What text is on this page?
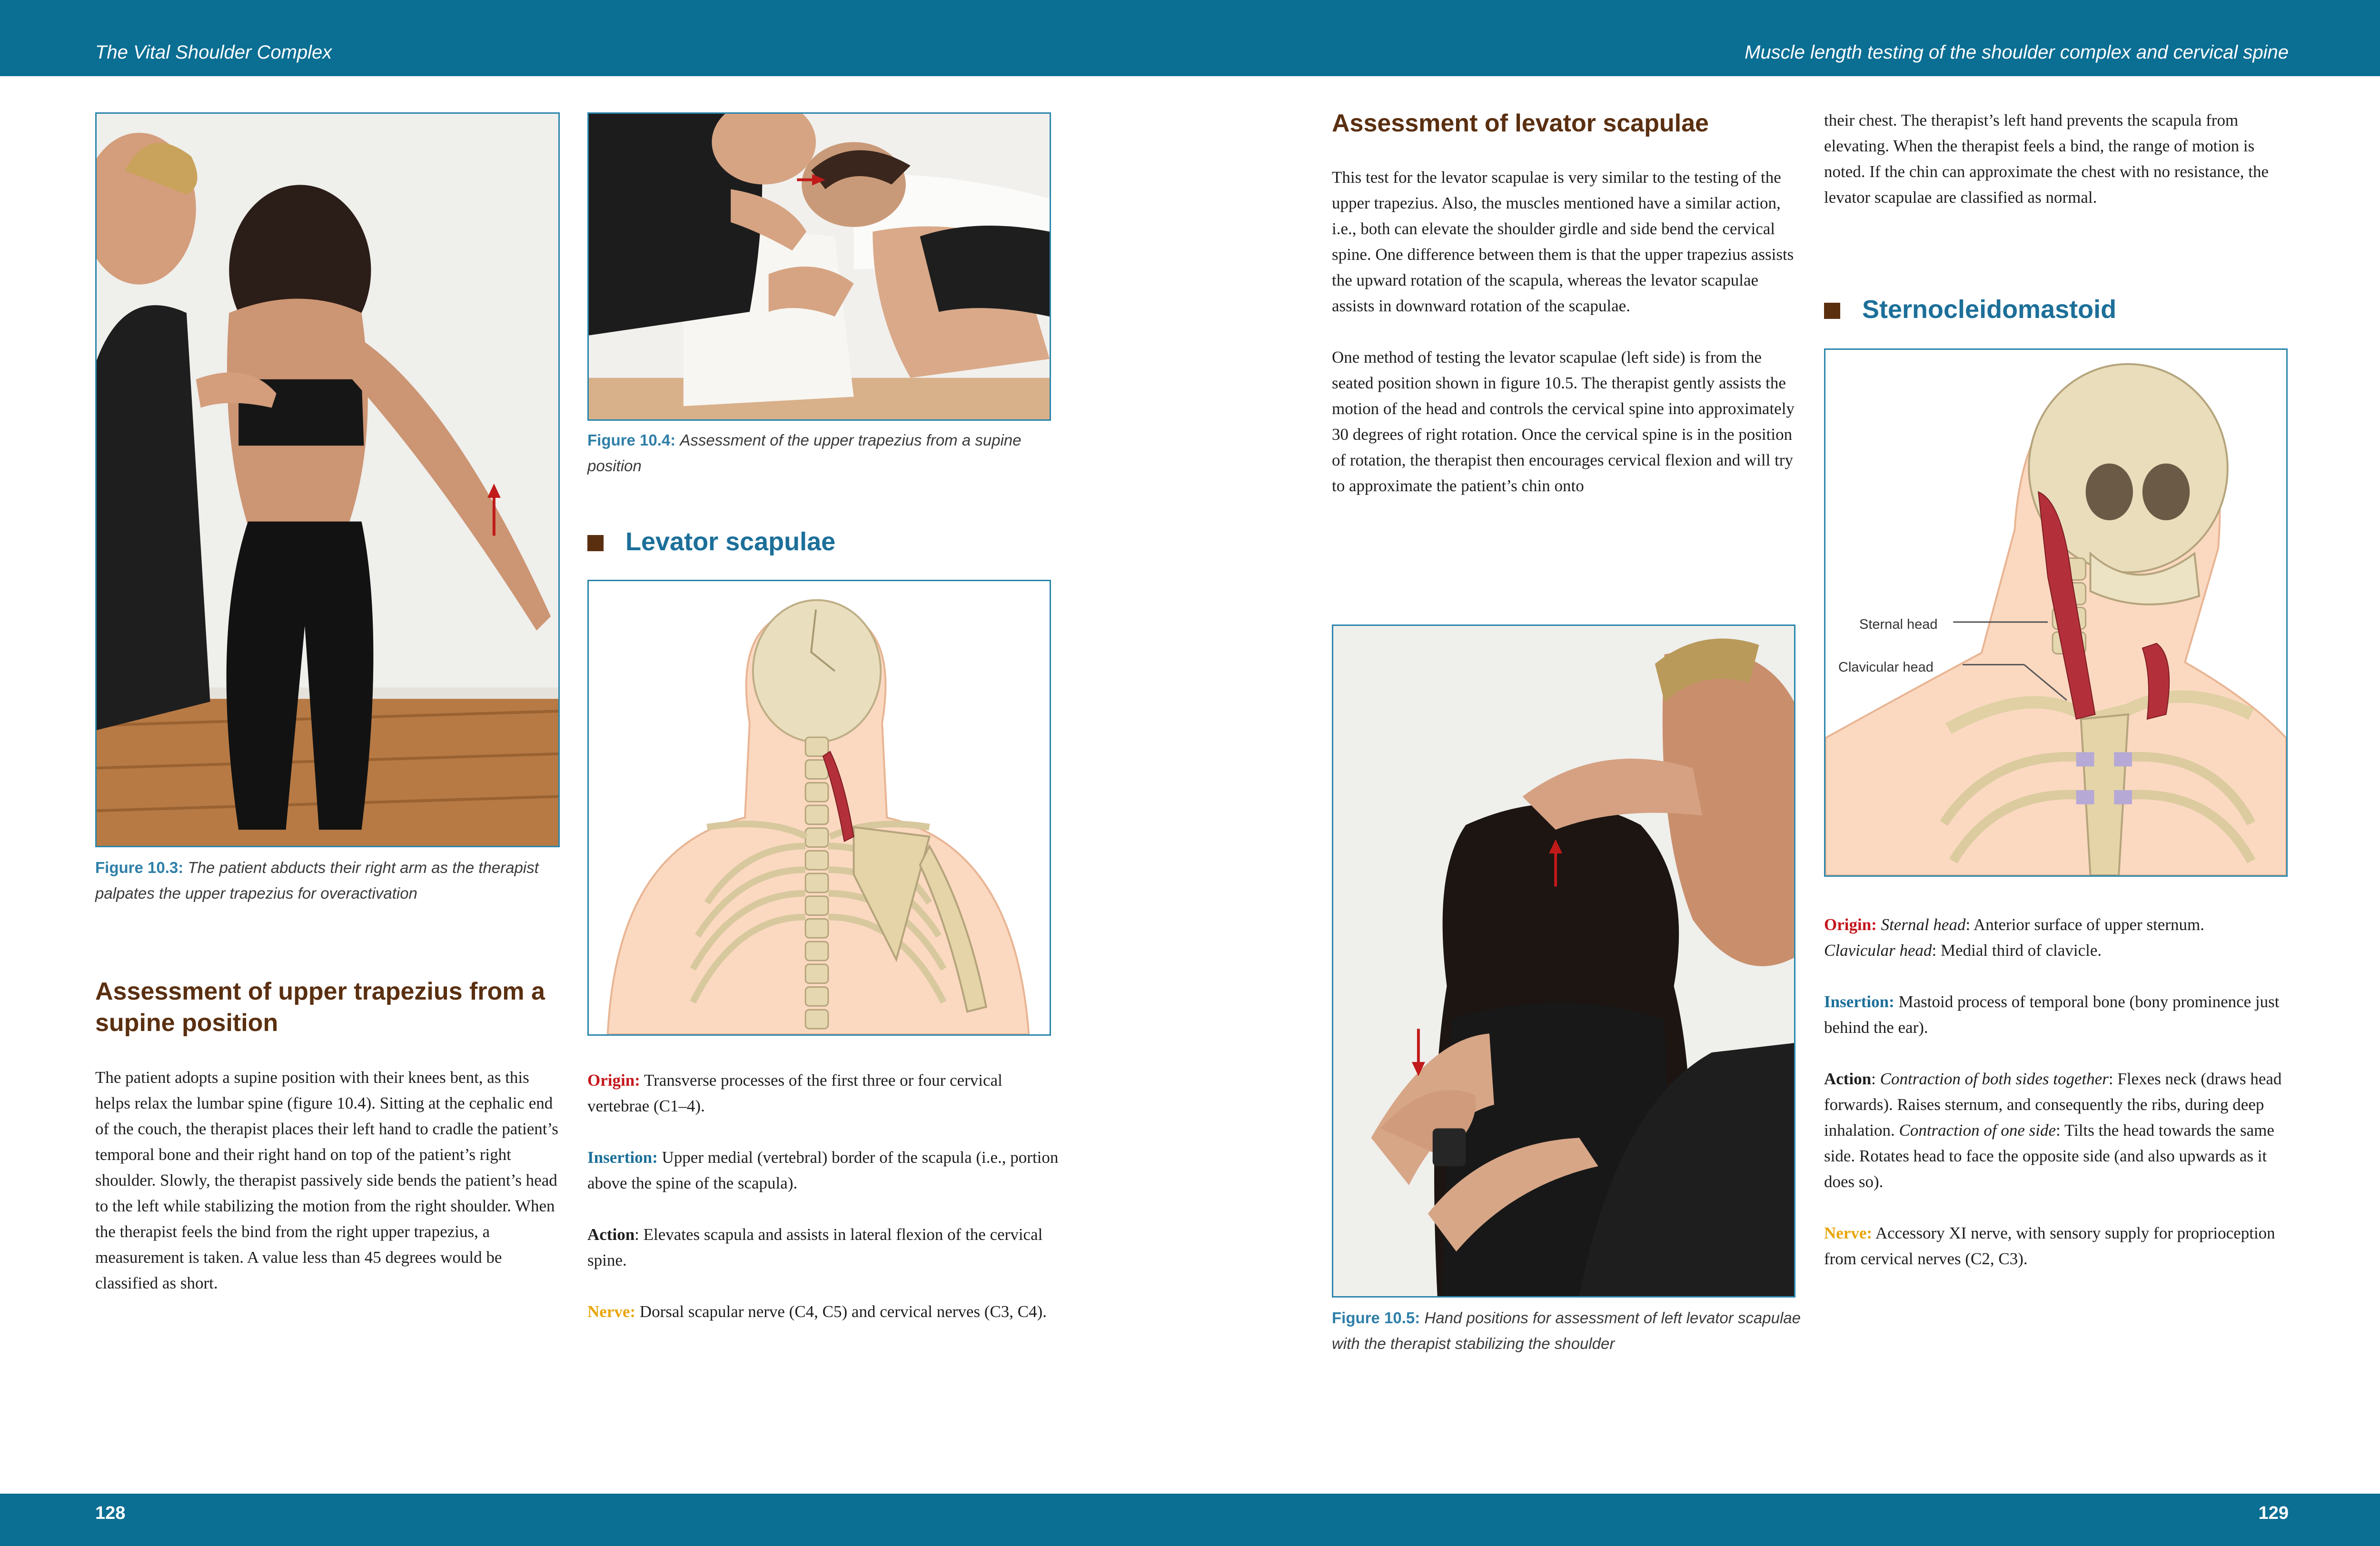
The Vital Shoulder Complex	Muscle length testing of the shoulder complex and cervical spine
Figure 10.3: The patient abducts their right arm as the therapist palpates the upper trapezius for overactivation
Figure 10.4: Assessment of the upper trapezius from a supine position
Levator scapulae

Origin: Transverse processes of the first three or four cervical vertebrae (C1–4).

Insertion: Upper medial (vertebral) border of the scapula (i.e., portion above the spine of the scapula).

Action: Elevates scapula and assists in lateral flexion of the cervical spine.

Nerve: Dorsal scapular nerve (C4, C5) and cervical nerves (C3, C4).

Assessment of upper trapezius from a supine position

The patient adopts a supine position with their knees bent, as this helps relax the lumbar spine (figure 10.4). Sitting at the cephalic end of the couch, the therapist places their left hand to cradle the patient’s temporal bone and their right hand on top of the patient’s right shoulder. Slowly, the therapist passively side bends the patient’s head to the left while stabilizing the motion from the right shoulder. When the therapist feels the bind from the right upper trapezius, a measurement is taken. A value less than 45 degrees would be classified as short.

Assessment of levator scapulae

This test for the levator scapulae is very similar to the testing of the upper trapezius. Also, the muscles mentioned have a similar action, i.e., both can elevate the shoulder girdle and side bend the cervical spine. One difference between them is that the upper trapezius assists the upward rotation of the scapula, whereas the levator scapulae assists in downward rotation of the scapulae.

One method of testing the levator scapulae (left side) is from the seated position shown in figure 10.5. The therapist gently assists the motion of the head and controls the cervical spine into approximately 30 degrees of right rotation. Once the cervical spine is in the position of rotation, the therapist then encourages cervical flexion and will try to approximate the patient’s chin onto

Figure 10.5: Hand positions for assessment of left levator scapulae with the therapist stabilizing the shoulder

their chest. The therapist’s left hand prevents the scapula from elevating. When the therapist feels a bind, the range of motion is noted. If the chin can approximate the chest with no resistance, the levator scapulae are classified as normal.

Sternocleidomastoid
Sternal head
Clavicular head

Origin: Sternal head: Anterior surface of upper sternum.
Clavicular head: Medial third of clavicle.

Insertion: Mastoid process of temporal bone (bony prominence just behind the ear).

Action: Contraction of both sides together: Flexes neck (draws head forwards). Raises sternum, and consequently the ribs, during deep inhalation. Contraction of one side: Tilts the head towards the same side. Rotates head to face the opposite side (and also upwards as it does so).

Nerve: Accessory XI nerve, with sensory supply for proprioception from cervical nerves (C2, C3).

128	129
